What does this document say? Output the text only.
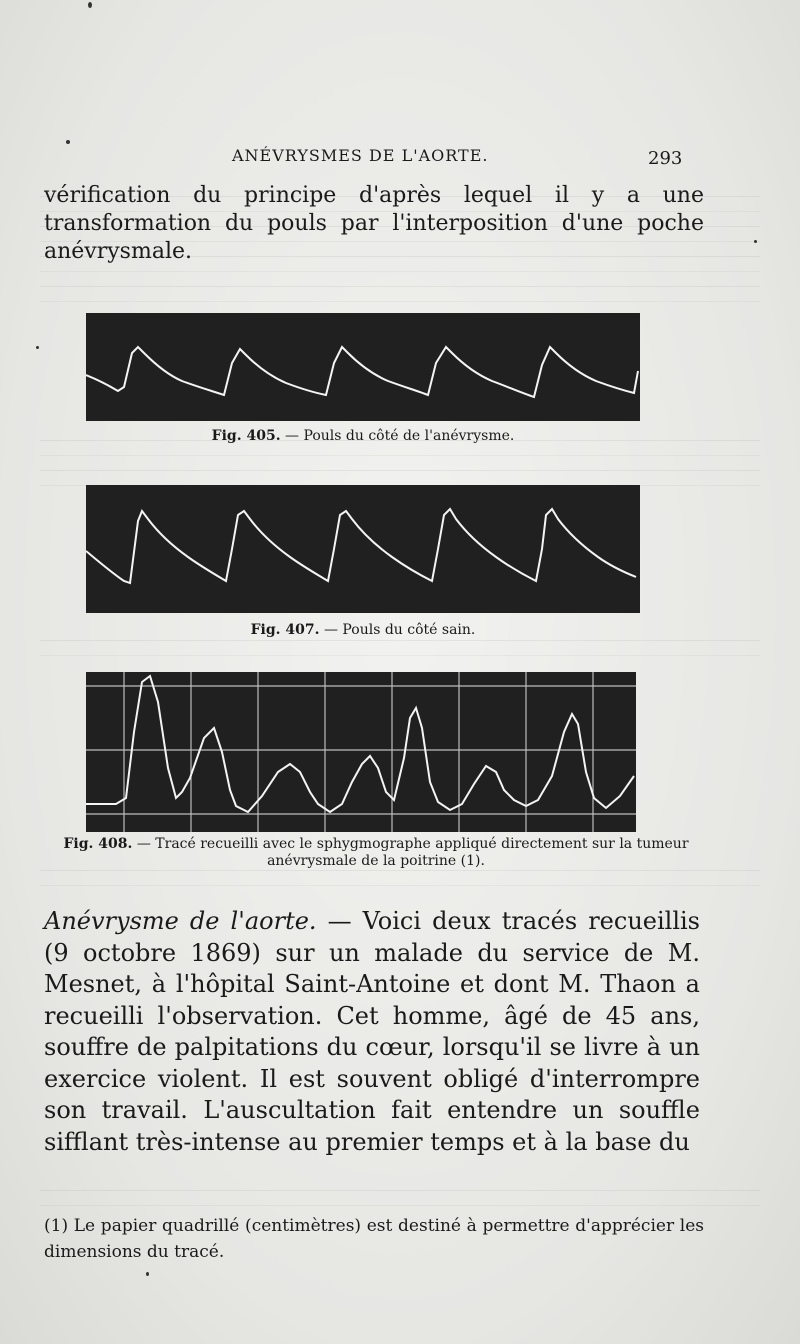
ANÉVRYSMES DE L'AORTE.	293
vérification du principe d'après lequel il y a une transformation du pouls par l'interposition d'une poche anévrysmale.
Fig. 405. — Pouls du côté de l'anévrysme.
Fig. 407. — Pouls du côté sain.
Fig. 408. — Tracé recueilli avec le sphygmographe appliqué directement sur la tumeur anévrysmale de la poitrine (1).
Anévrysme de l'aorte. — Voici deux tracés recueillis (9 octobre 1869) sur un malade du service de M. Mesnet, à l'hôpital Saint-Antoine et dont M. Thaon a recueilli l'observation. Cet homme, âgé de 45 ans, souffre de palpitations du cœur, lorsqu'il se livre à un exercice violent. Il est souvent obligé d'interrompre son travail. L'auscultation fait entendre un souffle sifflant très-intense au premier temps et à la base du
(1) Le papier quadrillé (centimètres) est destiné à permettre d'apprécier les dimensions du tracé.
